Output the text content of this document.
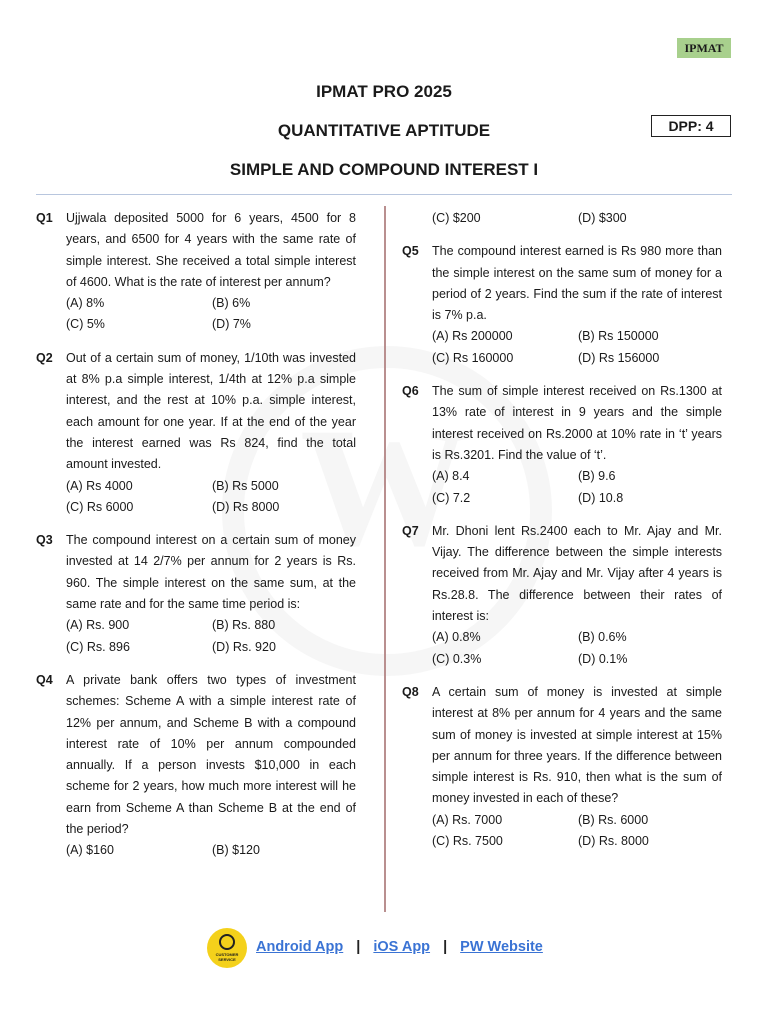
IPMAT
IPMAT PRO 2025
QUANTITATIVE APTITUDE
SIMPLE AND COMPOUND INTEREST I
DPP: 4
Q1 Ujjwala deposited 5000 for 6 years, 4500 for 8 years, and 6500 for 4 years with the same rate of simple interest. She received a total simple interest of 4600. What is the rate of interest per annum?
(A) 8%	(B) 6%
(C) 5%	(D) 7%
Q2 Out of a certain sum of money, 1/10th was invested at 8% p.a simple interest, 1/4th at 12% p.a simple interest, and the rest at 10% p.a. simple interest, each amount for one year. If at the end of the year the interest earned was Rs 824, find the total amount invested.
(A) Rs 4000	(B) Rs 5000
(C) Rs 6000	(D) Rs 8000
Q3 The compound interest on a certain sum of money invested at 14 2/7% per annum for 2 years is Rs. 960. The simple interest on the same sum, at the same rate and for the same time period is:
(A) Rs. 900	(B) Rs. 880
(C) Rs. 896	(D) Rs. 920
Q4 A private bank offers two types of investment schemes: Scheme A with a simple interest rate of 12% per annum, and Scheme B with a compound interest rate of 10% per annum compounded annually. If a person invests $10,000 in each scheme for 2 years, how much more interest will he earn from Scheme A than Scheme B at the end of the period?
(A) $160	(B) $120
(C) $200	(D) $300
Q5 The compound interest earned is Rs 980 more than the simple interest on the same sum of money for a period of 2 years. Find the sum if the rate of interest is 7% p.a.
(A) Rs 200000	(B) Rs 150000
(C) Rs 160000	(D) Rs 156000
Q6 The sum of simple interest received on Rs.1300 at 13% rate of interest in 9 years and the simple interest received on Rs.2000 at 10% rate in ‘t’ years is Rs.3201. Find the value of ‘t’.
(A) 8.4	(B) 9.6
(C) 7.2	(D) 10.8
Q7 Mr. Dhoni lent Rs.2400 each to Mr. Ajay and Mr. Vijay. The difference between the simple interests received from Mr. Ajay and Mr. Vijay after 4 years is Rs.28.8. The difference between their rates of interest is:
(A) 0.8%	(B) 0.6%
(C) 0.3%	(D) 0.1%
Q8 A certain sum of money is invested at simple interest at 8% per annum for 4 years and the same sum of money is invested at simple interest at 15% per annum for three years. If the difference between simple interest is Rs. 910, then what is the sum of money invested in each of these?
(A) Rs. 7000	(B) Rs. 6000
(C) Rs. 7500	(D) Rs. 8000
CUSTOMER SERVICE
Android App | iOS App | PW Website
